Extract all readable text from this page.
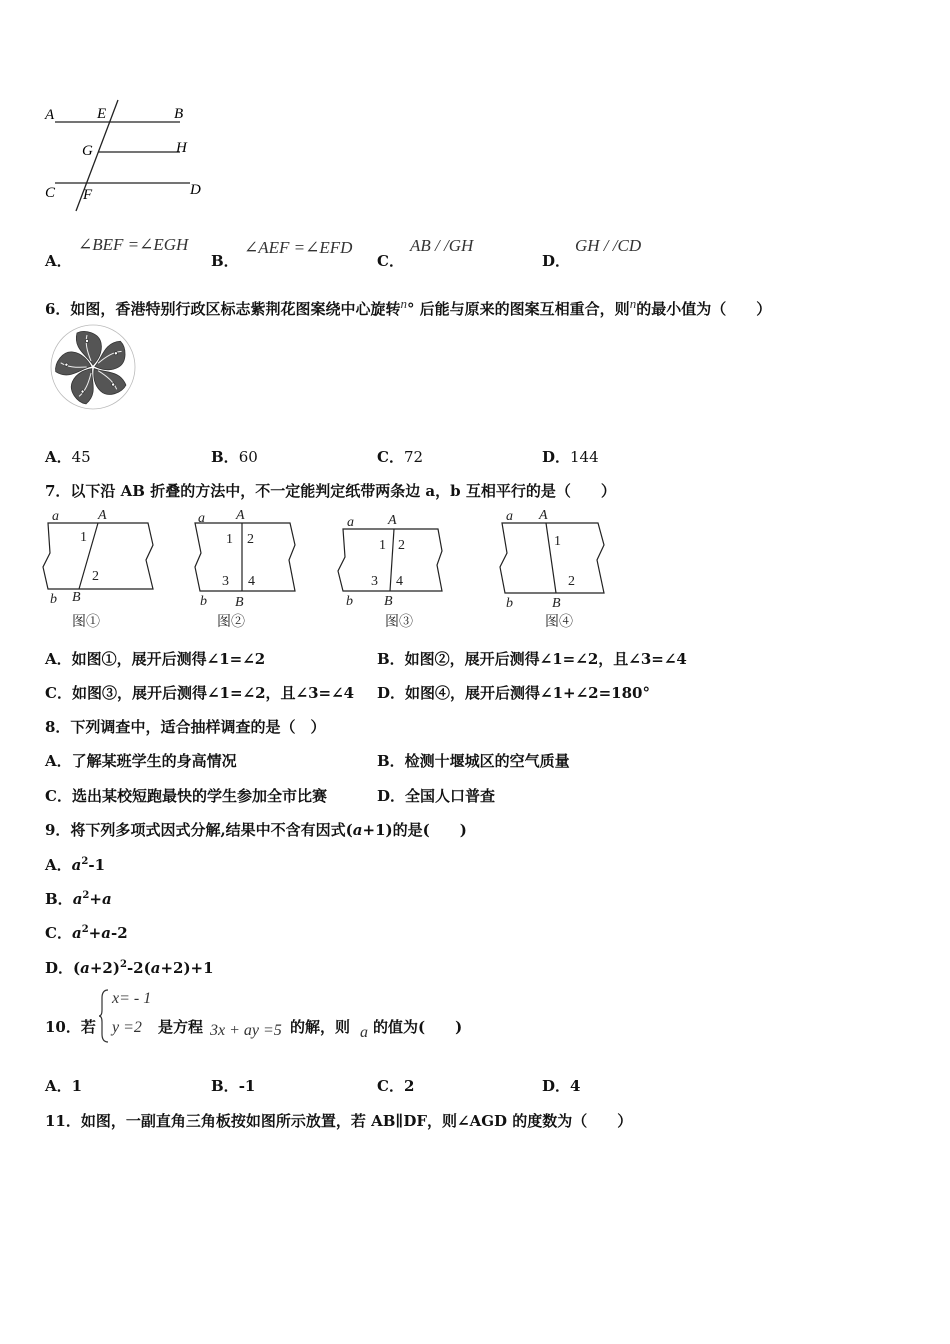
A	E	B
G	H
C F	D
A．
∠BEF =∠EGH
B．
∠AEF =∠EFD
C．
AB / /GH
D．
GH / /CD
6．如图，香港特别行政区标志紫荆花图案绕中心旋转$^n$° 后能与原来的图案互相重合，则$^n$的最小值为（　　）
A．45	B．60	C．72	D．144
7．以下沿 AB 折叠的方法中，不一定能判定纸带两条边 a，b 互相平行的是（　　）
a	A
1
2
b B
图①
a A
1 2
3 4
b B
图②
a A
1 2
3 4
b B
图③
a A
1
2
b	B
图④
A．如图①，展开后测得∠1=∠2	B．如图②，展开后测得∠1=∠2，且∠3=∠4
C．如图③，展开后测得∠1=∠2，且∠3=∠4 D．如图④，展开后测得∠1+∠2=180°
8．下列调查中，适合抽样调查的是（　）
A．了解某班学生的身高情况	B．检测十堰城区的空气质量
C．选出某校短跑最快的学生参加全市比赛	D．全国人口普查
9．将下列多项式因式分解,结果中不含有因式(a+1)的是(　　)
A．$a^2-1$
B．$a^2+a$
C．$a^2+a-2$
D．$(a+2)^2-2(a+2)+1$
10．若
x= - 1
y =2 是方程 3x + ay =5 的解，则 a 的值为(　　)
A．1	B．-1	C．2	D．4
11．如图，一副直角三角板按如图所示放置，若 AB∥DF，则∠AGD 的度数为（　　）
